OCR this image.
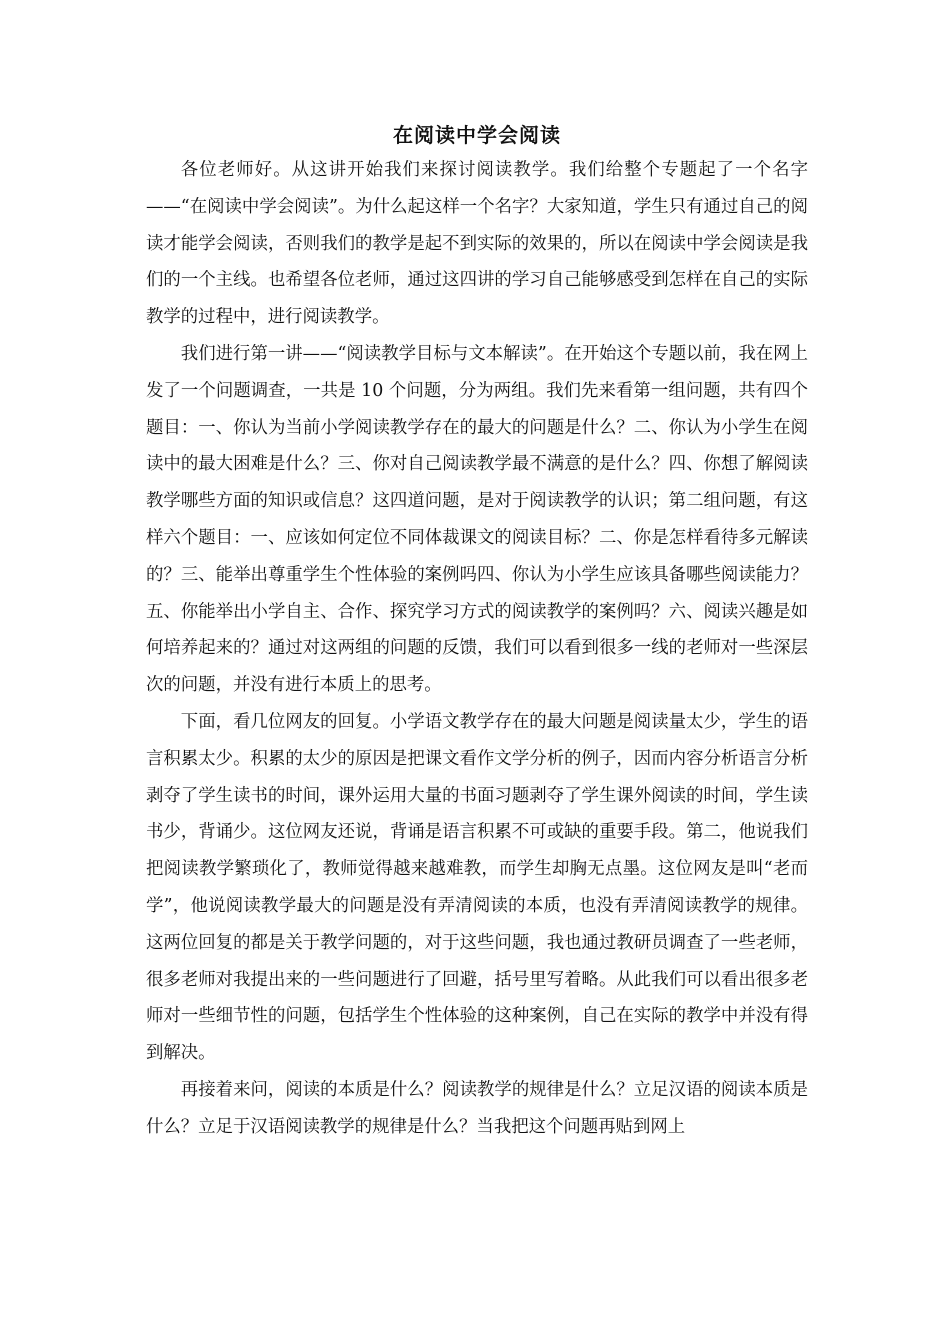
在阅读中学会阅读

各位老师好。从这讲开始我们来探讨阅读教学。我们给整个专题起了一个名字——“在阅读中学会阅读”。为什么起这样一个名字？大家知道，学生只有通过自己的阅读才能学会阅读，否则我们的教学是起不到实际的效果的，所以在阅读中学会阅读是我们的一个主线。也希望各位老师，通过这四讲的学习自己能够感受到怎样在自己的实际教学的过程中，进行阅读教学。

我们进行第一讲——“阅读教学目标与文本解读”。在开始这个专题以前，我在网上发了一个问题调查，一共是 10 个问题，分为两组。我们先来看第一组问题，共有四个题目：一、你认为当前小学阅读教学存在的最大的问题是什么？二、你认为小学生在阅读中的最大困难是什么？三、你对自己阅读教学最不满意的是什么？四、你想了解阅读教学哪些方面的知识或信息？这四道问题，是对于阅读教学的认识；第二组问题，有这样六个题目：一、应该如何定位不同体裁课文的阅读目标？二、你是怎样看待多元解读的？三、能举出尊重学生个性体验的案例吗四、你认为小学生应该具备哪些阅读能力？五、你能举出小学自主、合作、探究学习方式的阅读教学的案例吗？六、阅读兴趣是如何培养起来的？通过对这两组的问题的反馈，我们可以看到很多一线的老师对一些深层次的问题，并没有进行本质上的思考。

下面，看几位网友的回复。小学语文教学存在的最大问题是阅读量太少，学生的语言积累太少。积累的太少的原因是把课文看作文学分析的例子，因而内容分析语言分析剥夺了学生读书的时间，课外运用大量的书面习题剥夺了学生课外阅读的时间，学生读书少，背诵少。这位网友还说，背诵是语言积累不可或缺的重要手段。第二，他说我们把阅读教学繁琐化了，教师觉得越来越难教，而学生却胸无点墨。这位网友是叫“老而学”，他说阅读教学最大的问题是没有弄清阅读的本质，也没有弄清阅读教学的规律。这两位回复的都是关于教学问题的，对于这些问题，我也通过教研员调查了一些老师，很多老师对我提出来的一些问题进行了回避，括号里写着略。从此我们可以看出很多老师对一些细节性的问题，包括学生个性体验的这种案例，自己在实际的教学中并没有得到解决。

再接着来问，阅读的本质是什么？阅读教学的规律是什么？立足汉语的阅读本质是什么？立足于汉语阅读教学的规律是什么？当我把这个问题再贴到网上
